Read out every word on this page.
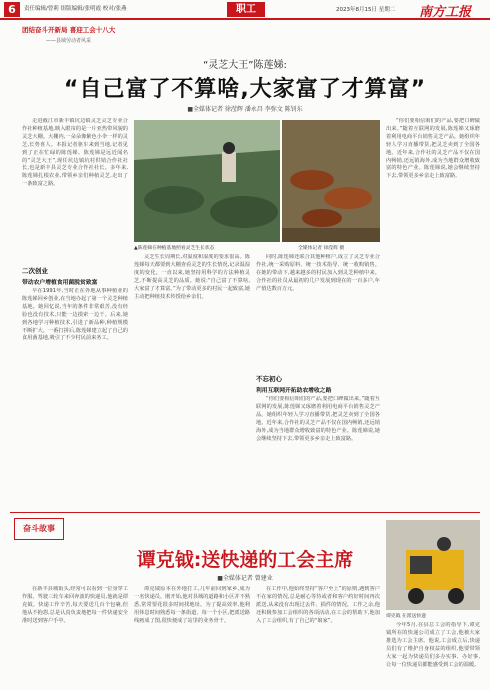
6	责任编辑/曾莉 组版编辑/张明霞 校对/张燕	职工	2023年8月15日 星期二 南方工报
团结奋斗开新局 喜迎工会十八大
——县域劳动者风采
“灵芝大王”陈莲娣:
“自己富了不算啥,大家富了才算富”
■全媒体记者 徐滢辉 潘永昌 李弥文 陈钊东
走进截江市新丰镇坑边镇灵芝灵芝专业合作社种植基地,映入眼帘的是一片亚热带风貌的灵芝大棚。大棚内,一朵朵像紫色小伞一样的灵芝,长势喜人。本报记者驱车来到当地,记者见到了正在忙碌的陈莲娣。陈莲娣是远近闻名的“灵芝大王”,现任坑边镇坑村供销合作社社长,也是新丰县灵芝专业合作社社长。多年来,陈莲娣扎根农业,带领乡亲们种植灵芝,走出了一条致富之路。
二次创业
带动农户增植食用菌脱贫致富
早在1991年,当时正在外地从事种植业的陈莲娣回乡创业,在当地办起了第一个灵芝种植基地。她回忆说,当年的条件非常艰苦,没有经验也没有技术,只能一边摸索一边干。后来,她到各地学习种植技术,引进了新品种,种植规模不断扩大。一番打拼后,陈莲娣建立起了自己的食用菌基地,吸引了不少村民前来务工。
▲陈莲娣在种植基地照看灵芝生长状态	全媒体记者 徐滢辉 摄
灵芝生长周期长,对温度和湿度的要求很高。陈莲娣每天都要到大棚查看灵芝的生长情况,记录温湿度的变化。一直以来,她坚持用科学的方法种植灵芝,不断提高灵芝的品质。她说:“自己富了不算啥,大家富了才算富。”为了带动更多的村民一起致富,她主动把种植技术传授给乡亲们。
同时,陈莲娣还联合其他种植户,成立了灵芝专业合作社,统一采购原料、统一技术指导、统一收购销售。在她的带动下,越来越多的村民加入到灵芝种植中来。合作社的社员从最初的几户发展到现在的一百多户,年产值达数百万元。
不忘初心
利用互联网开拓助农增收之路
“你们要相信咱们的产品,要把口碑做出来。”随着互联网的发展,陈莲娣又琢磨着利用电商平台销售灵芝产品。她组织年轻人学习直播带货,把灵芝卖到了全国各地。近年来,合作社的灵芝产品不仅在国内畅销,还远销海外,成为当地群众增收致富的特色产业。陈莲娣说,她会继续坚持下去,带领更多乡亲走上致富路。
“你们要相信咱们的产品,要把口碑做出来。”随着互联网的发展,陈莲娣又琢磨着利用电商平台销售灵芝产品。她组织年轻人学习直播带货,把灵芝卖到了全国各地。近年来,合作社的灵芝产品不仅在国内畅销,还远销海外,成为当地群众增收致富的特色产业。陈莲娣说,她会继续坚持下去,带领更多乡亲走上致富路。
奋斗故事
谭克钺:送快递的工会主席
■全媒体记者 曾建业
在新丰县城街头,经常可以看到一位身穿工作服、驾驶三轮车来回奔波的快递员,他就是谭克钺。快递工作辛苦,每天要送几百个包裹,但他从不抱怨,总是认真负责地把每一件快递安全准时送到客户手中。
谭克钺原本在外地打工,几年前回到家乡,成为一名快递员。刚开始,他对县城的道路和小区并不熟悉,常常要花很多时间找地址。为了提高效率,他利用休息时间熟悉每一条街道、每一个小区,把派送路线画成了图,很快便成了站里的业务骨干。
在工作中,他始终坚持“客户至上”的原则,遇到客户不在家的情况,总是耐心等待或者和客户约好时间再次派送,从来没有出现过丢件、损件的情况。工作之余,他还积极参加工会组织的各项活动,在工会的帮助下,他加入了工会组织,有了自己的“娘家”。
谭克钺 在派送快递
今年5月,在县总工会的指导下,谭克钺所在的快递公司成立了工会,他被大家推选为工会主席。他说,工会成立后,快递员们有了维护自身权益的组织,他要带领大家一起为快递员们多办实事、办好事,让每一位快递员都能感受到工会的温暖。
